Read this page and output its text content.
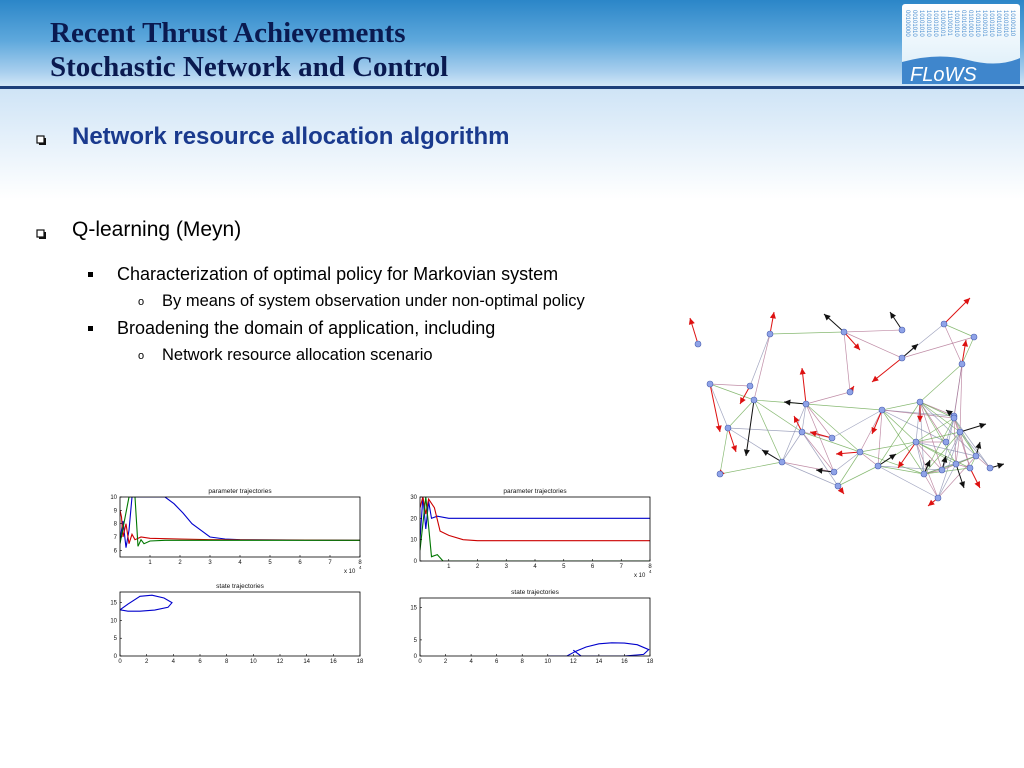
Recent Thrust Achievements
Stochastic Network and Control
00100000 00101010 10101010 10101010 10101010 10100101 11100101 10101010 01010010 01010010 10101010 10100101 10101010 10010101 10101010 10100110
FLoWS
Network resource allocation algorithm
Q-learning (Meyn)
Characterization of optimal policy for Markovian system
o By means of system observation under non-optimal policy
Broadening the domain of application, including
o Network resource allocation scenario
parameter trajectories
1	2	3	4	5	6	7	8
6
7
8
9
10
x 10
4
parameter trajectories
1	2	3	4	5	6	7	8
0
10
20
30
x 10
4
state trajectories
0	2	4	6	8	10	12	14	16	18
0
5
10
15
state trajectories
0	2	4	6	8	10	12	14	16	18
0
5
15
